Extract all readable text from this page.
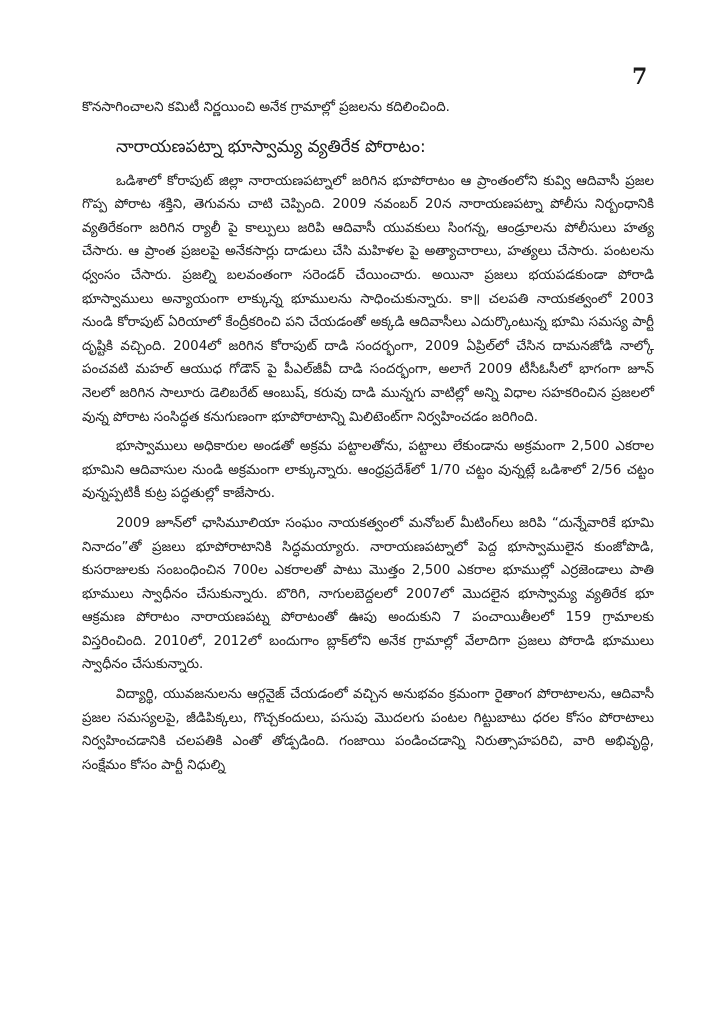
7

కొనసాగించాలని కమిటీ నిర్ణయించి అనేక గ్రామాల్లో ప్రజలను కదిలించింది.

నారాయణపట్నా భూస్వామ్య వ్యతిరేక పోరాటం:

ఒడిశాలో కోరాపుట్ జిల్లా నారాయణపట్నాలో జరిగిన భూపోరాటం ఆ ప్రాంతంలోని కువ్వి ఆదివాసీ ప్రజల గొప్ప పోరాట శక్తిని, తెగువను చాటి చెప్పింది. 2009 నవంబర్ 20న నారాయణపట్నా పోలీసు నిర్బంధానికి వ్యతిరేకంగా జరిగిన ర్యాలీ పై కాల్పులు జరిపి ఆదివాసీ యువకులు సింగన్న, ఆండ్రూలను పోలీసులు హత్య చేసారు. ఆ ప్రాంత ప్రజలపై అనేకసార్లు దాడులు చేసి మహిళల పై అత్యాచారాలు, హత్యలు చేసారు. పంటలను ధ్వంసం చేసారు. ప్రజల్ని బలవంతంగా సరెండర్ చేయించారు. అయినా ప్రజలు భయపడకుండా పోరాడి భూస్వాములు అన్యాయంగా లాక్కున్న భూములను సాధించుకున్నారు. కా॥ చలపతి నాయకత్వంలో 2003 నుండి కోరాపుట్ ఏరియాలో కేంద్రీకరించి పని చేయడంతో అక్కడి ఆదివాసీలు ఎదుర్కొంటున్న భూమి సమస్య పార్టీ దృష్టికి వచ్చింది. 2004లో జరిగిన కోరాపుట్ దాడి సందర్భంగా, 2009 ఏప్రిల్‌లో చేసిన దామనజోడి నాల్కో పంచవటి మహల్ ఆయుధ గోడౌన్ పై పీఎల్‌జీవీ దాడి సందర్భంగా, అలాగే 2009 టీసీఓసీలో భాగంగా జూన్ నెలలో జరిగిన సాలూరు డెలిబరేట్ ఆంబుష్, కరువు దాడి మున్నగు వాటిల్లో అన్ని విధాల సహకరించిన ప్రజలలో వున్న పోరాట సంసిద్ధత కనుగుణంగా భూపోరాటాన్ని మిలిటెంట్‌గా నిర్వహించడం జరిగింది.

భూస్వాములు అధికారుల అండతో అక్రమ పట్టాలతోను, పట్టాలు లేకుండాను అక్రమంగా 2,500 ఎకరాల భూమిని ఆదివాసుల నుండి అక్రమంగా లాక్కున్నారు. ఆంధ్రప్రదేశ్‌లో 1/70 చట్టం వున్నట్లే ఒడిశాలో 2/56 చట్టం వున్నప్పటికీ కుట్ర పద్ధతుల్లో కాజేసారు.

2009 జూన్‌లో ఛాసిమూలియా సంఘం నాయకత్వంలో మనోబల్ మీటింగ్‌లు జరిపి “దున్నేవారికే భూమి నినాదం”తో ప్రజలు భూపోరాటానికి సిద్ధమయ్యారు. నారాయణపట్నాలో పెద్ద భూస్వాములైన కుంజోపొడి, కుసరాజులకు సంబంధించిన 700ల ఎకరాలతో పాటు మొత్తం 2,500 ఎకరాల భూముల్లో ఎర్రజెండాలు పాతి భూములు స్వాధీనం చేసుకున్నారు. బొరిగి, నాగులబెద్దలలో 2007లో మొదలైన భూస్వామ్య వ్యతిరేక భూ ఆక్రమణ పోరాటం నారాయణపట్న పోరాటంతో ఊపు అందుకుని 7 పంచాయితీలలో 159 గ్రామాలకు విస్తరించింది. 2010లో, 2012లో బందుగాం బ్లాక్‌లోని అనేక గ్రామాల్లో వేలాదిగా ప్రజలు పోరాడి భూములు స్వాధీనం చేసుకున్నారు.

విద్యార్థి, యువజనులను ఆర్గనైజ్ చేయడంలో వచ్చిన అనుభవం క్రమంగా రైతాంగ పోరాటాలను, ఆదివాసీ ప్రజల సమస్యలపై, జీడిపిక్కలు, గొచ్చకందులు, పసుపు మొదలగు పంటల గిట్టుబాటు ధరల కోసం పోరాటాలు నిర్వహించడానికి చలపతికి ఎంతో తోడ్పడింది. గంజాయి పండించడాన్ని నిరుత్సాహపరిచి, వారి అభివృద్ధి, సంక్షేమం కోసం పార్టీ నిధుల్ని
